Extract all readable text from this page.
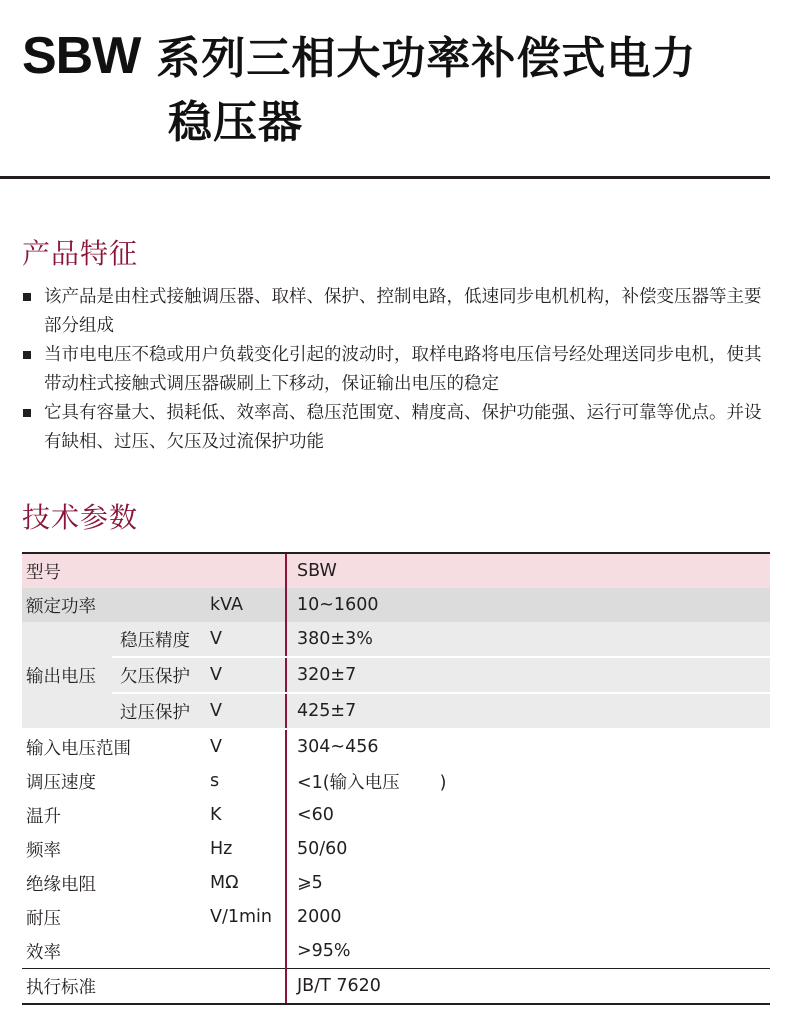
SBW 系列三相大功率补偿式电力
稳压器
产品特征
该产品是由柱式接触调压器、取样、保护、控制电路，低速同步电机机构，补偿变压器等主要部分组成
当市电电压不稳或用户负载变化引起的波动时，取样电路将电压信号经处理送同步电机，使其带动柱式接触式调压器碳刷上下移动，保证输出电压的稳定
它具有容量大、损耗低、效率高、稳压范围宽、精度高、保护功能强、运行可靠等优点。并设有缺相、过压、欠压及过流保护功能
技术参数
型号			SBW
额定功率		kVA	10~1600
输出电压	稳压精度	V	380±3%
	欠压保护	V	320±7
	过压保护	V	425±7
输入电压范围		V	304~456
调压速度		s	<1(输入电压 )
温升		K	<60
频率		Hz	50/60
绝缘电阻		MΩ	⩾5
耐压		V/1min	2000
效率			>95%
执行标准			JB/T 7620
